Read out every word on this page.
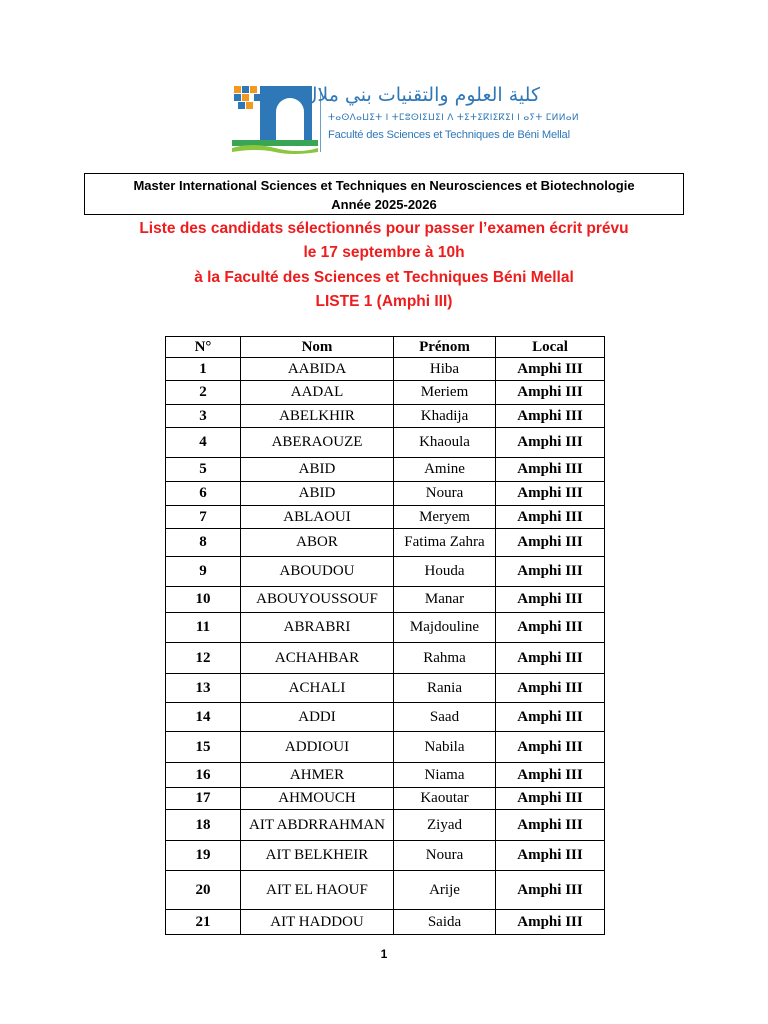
كلية العلوم والتقنيات بني ملال
ⵜⴰⵙⴷⴰⵡⵉⵜ ⵏ ⵜⵎⵓⵙⵏⵉⵡⵉⵏ ⴷ ⵜⵉⵜⵉⴽⵏⵉⴽⵉⵏ ⵏ ⴰⵢⵜ ⵎⵍⵍⴰⵍ
Faculté des Sciences et Techniques de Béni Mellal
Master International Sciences et Techniques en Neurosciences et Biotechnologie
Année 2025-2026
Liste des candidats sélectionnés pour passer l’examen écrit prévu
le 17 septembre à 10h
à la Faculté des Sciences et Techniques Béni Mellal
LISTE 1 (Amphi III)
N°	Nom	Prénom	Local
1	AABIDA	Hiba	Amphi III
2	AADAL	Meriem	Amphi III
3	ABELKHIR	Khadija	Amphi III
4	ABERAOUZE	Khaoula	Amphi III
5	ABID	Amine	Amphi III
6	ABID	Noura	Amphi III
7	ABLAOUI	Meryem	Amphi III
8	ABOR	Fatima Zahra	Amphi III
9	ABOUDOU	Houda	Amphi III
10	ABOUYOUSSOUF	Manar	Amphi III
11	ABRABRI	Majdouline	Amphi III
12	ACHAHBAR	Rahma	Amphi III
13	ACHALI	Rania	Amphi III
14	ADDI	Saad	Amphi III
15	ADDIOUI	Nabila	Amphi III
16	AHMER	Niama	Amphi III
17	AHMOUCH	Kaoutar	Amphi III
18	AIT ABDRRAHMAN	Ziyad	Amphi III
19	AIT BELKHEIR	Noura	Amphi III
20	AIT EL HAOUF	Arije	Amphi III
21	AIT HADDOU	Saida	Amphi III
1
